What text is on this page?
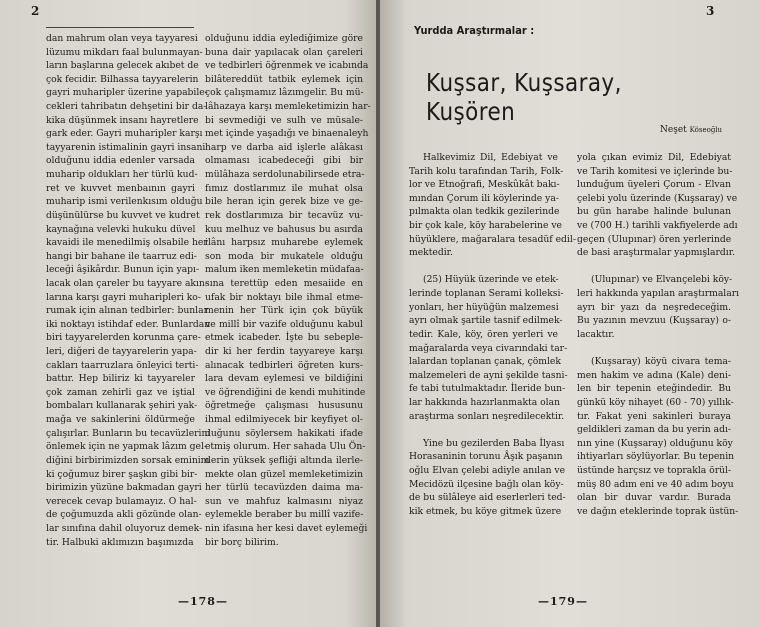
2
dan mahrum olan veya tayyaresi
lüzumu mikdarı faal bulunmayan-
ların başlarına gelecek akıbet de
çok fecidir. Bilhassa tayyarelerin
gayri muharipler üzerine yapabile-
cekleri tahribatın dehşetini bir da-
kika düşünmek insanı hayretlere
gark eder. Gayri muharipler karşı
tayyarenin istimalinin gayri insani
olduğunu iddia edenler varsada
muharip oldukları her türlü kud-
ret ve kuvvet menbaının gayri
muharip ismi verilenkısım olduğu
düşünülürse bu kuvvet ve kudret
kaynağına velevki hukuku düvel
kavaidi ile menedilmiş olsabile her
hangi bir bahane ile taarruz edi-
leceği âşikârdır. Bunun için yapı-
lacak olan çareler bu tayyare akın-
larına karşı gayri muharipleri ko-
rumak için alınan tedbirler: bunlar
iki noktayı istihdaf eder. Bunlardan
biri tayyarelerden korunma çare-
leri, diğeri de tayyarelerin yapa-
cakları taarruzlara önleyici terti-
battır. Hep biliriz ki tayyareler
çok zaman zehirli gaz ve iştial
bombaları kullanarak şehiri yak-
mağa ve sakinlerini öldürmeğe
çalışırlar. Bunların bu tecavüzlerini
önlemek için ne yapmak lâzım gel-
diğini birbirimizden sorsak eminim
ki çoğumuz birer şaşkın gibi bir-
birimizin yüzüne bakmadan gayri
verecek cevap bulamayız. O hal-
de çoğumuzda akli gözünde olan-
lar sınıfına dahil oluyoruz demek-
tir. Halbuki aklımızın başımızda
olduğunu iddia eylediğimize göre
buna dair yapılacak olan çareleri
ve tedbirleri öğrenmek ve icabında
bilâtereddüt tatbik eylemek için
çok çalışmamız lâzımgelir. Bu mü-
lâhazaya karşı memleketimizin har-
bi sevmediği ve sulh ve müsale-
met içinde yaşadığı ve binaenaleyh
harp ve darba aid işlerle alâkası
olmaması icabedeceği gibi bir
mülâhaza serdolunabilirsede etra-
fımız dostlarımız ile muhat olsa
bile heran için gerek bize ve ge-
rek dostlarımıza bir tecavüz vu-
kuu melhuz ve bahusus bu asırda
ilânı harpsız muharebe eylemek
son moda bir mukatele olduğu
malum iken memleketin müdafaa-
sına terettüp eden mesaiide en
ufak bir noktayı bile ihmal etme-
menin her Türk için çok büyük
ve millî bir vazife olduğunu kabul
etmek icabeder. İşte bu sebeple-
dir ki her ferdin tayyareye karşı
alınacak tedbirleri öğreten kurs-
lara devam eylemesi ve bildiğini
ve öğrendiğini de kendi muhitinde
öğretmeğe çalışması hususunu
ihmal edilmiyecek bir keyfiyet ol-
duğunu söylersem hakikati ifade
etmiş olurum. Her sahada Ulu Ön-
derin yüksek şefliği altında ilerle-
mekte olan güzel memleketimizin
her türlü tecavüzden daima ma-
sun ve mahfuz kalmasını niyaz
eylemekle beraber bu millî vazife-
nin ifasına her kesi davet eylemeği
bir borç bilirim.
—178—
3
Yurdda Araştırmalar :
Kuşsar, Kuşsaray, Kuşören
Neşet Köseoğlu
Halkevimiz Dil, Edebiyat ve
Tarih kolu tarafından Tarih, Folk-
lor ve Etnoğrafi, Meskûkât bakı-
mından Çorum ili köylerinde ya-
pılmakta olan tedkik gezilerinde
bir çok kale, köy harabelerine ve
hüyüklere, mağaralara tesadüf edil-
mektedir.
(25) Hüyük üzerinde ve etek-
lerinde toplanan Serami kolleksi-
yonları, her hüyüğün malzemesi
ayrı olmak şartile tasnif edilmek-
tedir. Kale, köy, ören yerleri ve
mağaralarda veya civarındaki tar-
lalardan toplanan çanak, çömlek
malzemeleri de ayni şekilde tasni-
fe tabi tutulmaktadır. İleride bun-
lar hakkında hazırlanmakta olan
araştırma sonları neşredilecektir.
Yine bu gezilerden Baba İlyası
Horasaninin torunu Âşık paşanın
oğlu Elvan çelebi adiyle anılan ve
Mecidözü ilçesine bağlı olan köy-
de bu sülâleye aid eserlerleri ted-
kik etmek, bu köye gitmek üzere
yola çıkan evimiz Dil, Edebiyat
ve Tarih komitesi ve içlerinde bu-
lunduğum üyeleri Çorum - Elvan
çelebi yolu üzerinde (Kuşsaray) ve
bu gün harabe halinde bulunan
ve (700 H.) tarihli vakfiyelerde adı
geçen (Ulupınar) ören yerlerinde
de basi araştırmalar yapmışlardır.
(Ulupınar) ve Elvançelebi köy-
leri hakkında yapılan araştırmaları
ayrı bir yazı da neşredeceğim.
Bu yazının mevzuu (Kuşsaray) o-
lacaktır.
(Kuşsaray) köyü civara tema-
men hakim ve adına (Kale) deni-
len bir tepenin eteğindedir. Bu
günkü köy nihayet (60 - 70) yıllık-
tır. Fakat yeni sakinleri buraya
geldikleri zaman da bu yerin adı-
nın yine (Kuşsaray) olduğunu köy
ihtiyarları söylüyorlar. Bu tepenin
üstünde harçsız ve toprakla örül-
müş 80 adım eni ve 40 adım boyu
olan bir duvar vardır. Burada
ve dağın eteklerinde toprak üstün-
—179—
